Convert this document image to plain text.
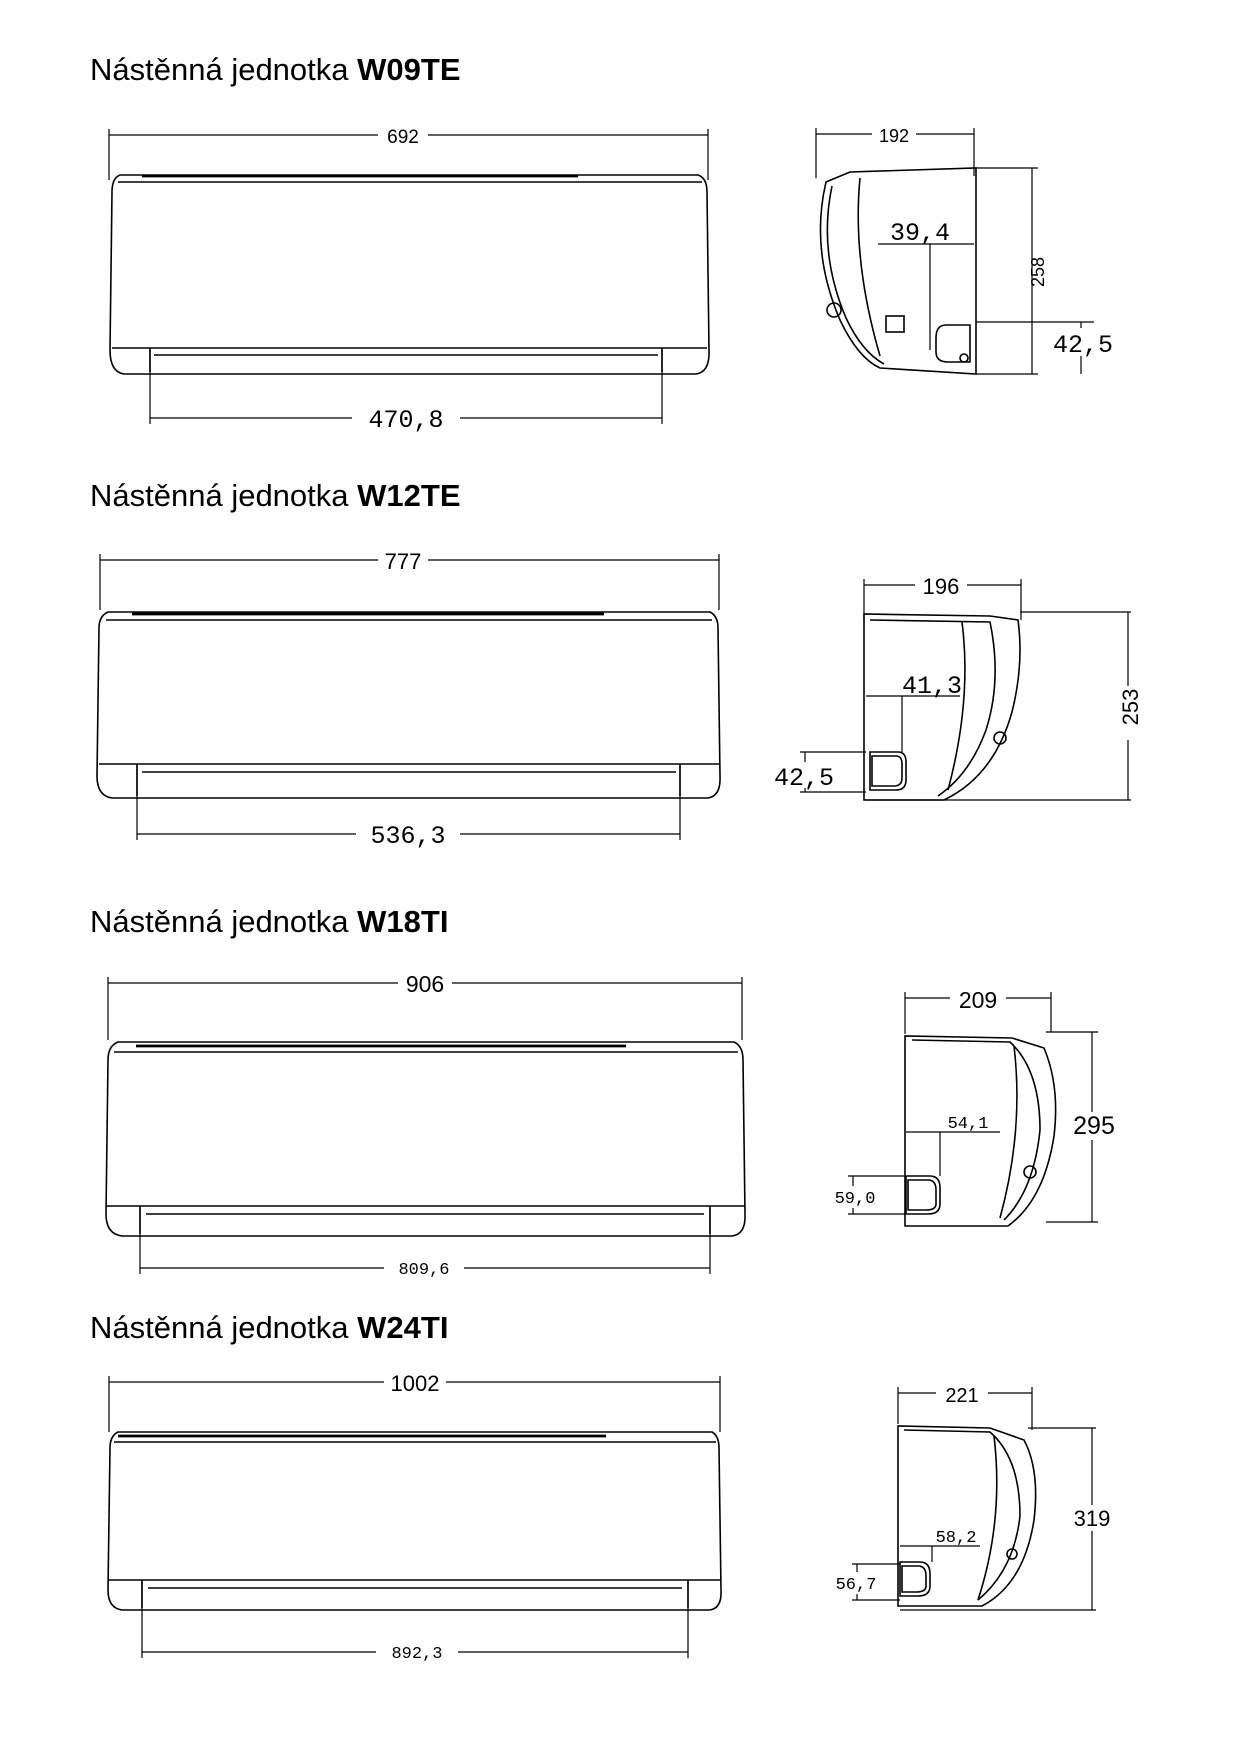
Nástěnná jednotka W09TE
Nástěnná jednotka W12TE
Nástěnná jednotka W18TI
Nástěnná jednotka W24TI
692
470,8
192
258
39,4
42,5
777
536,3
196
253
41,3
42,5
906
809,6
209
295
54,1
59,0
1002
892,3
221
319
58,2
56,7
